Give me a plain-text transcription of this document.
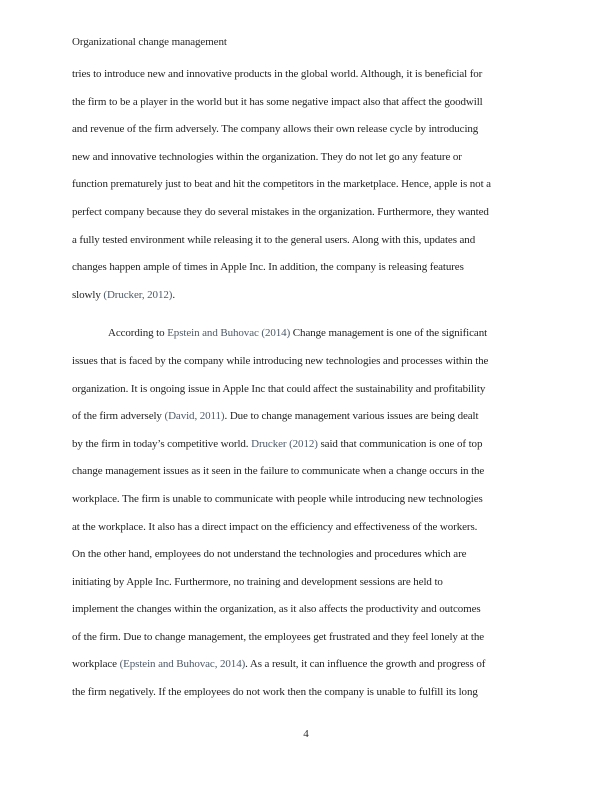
Organizational change management
tries to introduce new and innovative products in the global world. Although, it is beneficial for
the firm to be a player in the world but it has some negative impact also that affect the goodwill
and revenue of the firm adversely. The company allows their own release cycle by introducing
new and innovative technologies within the organization. They do not let go any feature or
function prematurely just to beat and hit the competitors in the marketplace. Hence, apple is not a
perfect company because they do several mistakes in the organization. Furthermore, they wanted
a fully tested environment while releasing it to the general users. Along with this, updates and
changes happen ample of times in Apple Inc. In addition, the company is releasing features
slowly (Drucker, 2012).
According to Epstein and Buhovac (2014) Change management is one of the significant
issues that is faced by the company while introducing new technologies and processes within the
organization. It is ongoing issue in Apple Inc that could affect the sustainability and profitability
of the firm adversely (David, 2011). Due to change management various issues are being dealt
by the firm in today’s competitive world. Drucker (2012) said that communication is one of top
change management issues as it seen in the failure to communicate when a change occurs in the
workplace. The firm is unable to communicate with people while introducing new technologies
at the workplace. It also has a direct impact on the efficiency and effectiveness of the workers.
On the other hand, employees do not understand the technologies and procedures which are
initiating by Apple Inc. Furthermore, no training and development sessions are held to
implement the changes within the organization, as it also affects the productivity and outcomes
of the firm. Due to change management, the employees get frustrated and they feel lonely at the
workplace (Epstein and Buhovac, 2014). As a result, it can influence the growth and progress of
the firm negatively. If the employees do not work then the company is unable to fulfill its long
4
